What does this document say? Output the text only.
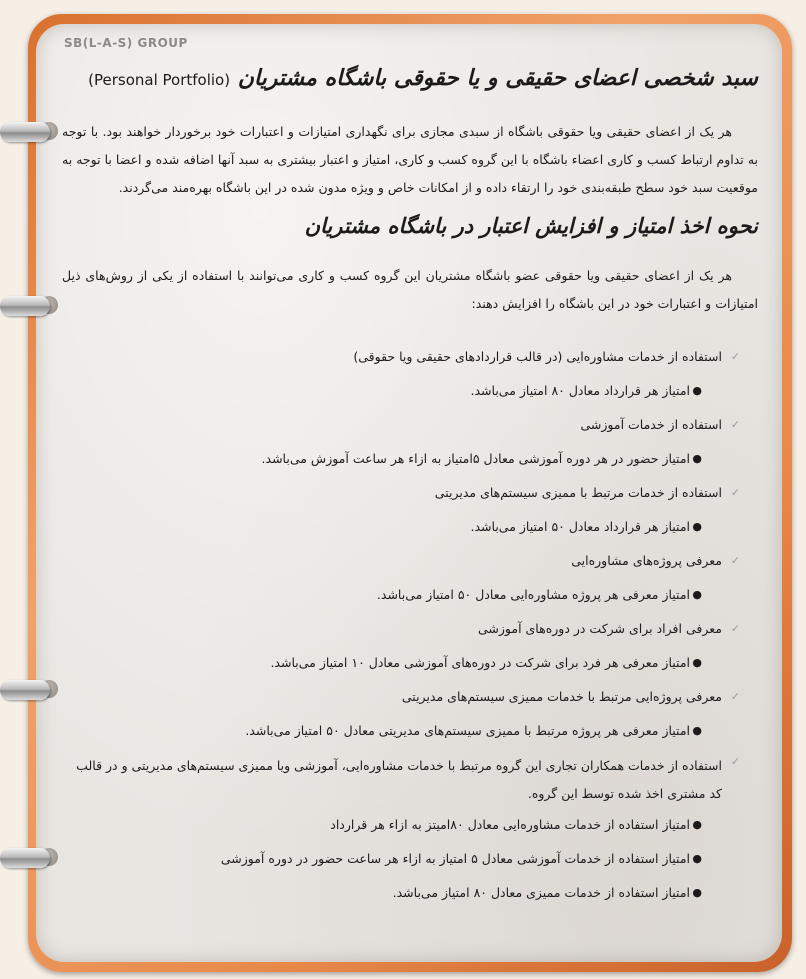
SB(L-A-S) GROUP
سبد شخصی اعضای حقیقی و یا حقوقی باشگاه مشتریان (Personal Portfolio)

هر یک از اعضای حقیقی ویا حقوقی باشگاه از سبدی مجازی برای نگهداری امتیازات و اعتبارات خود برخوردار خواهند بود. با توجه به تداوم ارتباط کسب و کاری اعضاء باشگاه با این گروه کسب و کاری، امتیاز و اعتبار بیشتری به سبد آنها اضافه شده و اعضا با توجه به موقعیت سبد خود سطح طبقه‌بندی خود را ارتقاء داده و از امکانات خاص و ویژه مدون شده در این باشگاه بهره‌مند می‌گردند.

نحوه اخذ امتیاز و افزایش اعتبار در باشگاه مشتریان

هر یک از اعضای حقیقی ویا حقوقی عضو باشگاه مشتریان این گروه کسب و کاری می‌توانند با استفاده از یکی از روش‌های ذیل امتیازات و اعتبارات خود در این باشگاه را افزایش دهند:

✓
استفاده از خدمات مشاوره‌ایی (در قالب قراردادهای حقیقی ویا حقوقی)
●
امتیاز هر قرارداد معادل ۸۰ امتیاز می‌باشد.
✓
استفاده از خدمات آموزشی
●
امتیاز حضور در هر دوره آموزشی معادل ۵امتیاز به ازاء هر ساعت آموزش می‌باشد.
✓
استفاده از خدمات مرتبط با ممیزی سیستم‌های مدیریتی
●
امتیاز هر قرارداد معادل ۵۰ امتیاز می‌باشد.
✓
معرفی پروژه‌های مشاوره‌ایی
●
امتیاز معرفی هر پروژه مشاوره‌ایی معادل ۵۰ امتیاز می‌باشد.
✓
معرفی افراد برای شرکت در دوره‌های آموزشی
●
امتیاز معرفی هر فرد برای شرکت در دوره‌های آموزشی معادل ۱۰ امتیاز می‌باشد.
✓
معرفی پروژه‌ایی مرتبط با خدمات ممیزی سیستم‌های مدیریتی
●
امتیاز معرفی هر پروژه مرتبط با ممیزی سیستم‌های مدیریتی معادل ۵۰ امتیاز می‌باشد.
✓
استفاده از خدمات همکاران تجاری این گروه مرتبط با خدمات مشاوره‌ایی، آموزشی ویا ممیزی سیستم‌های مدیریتی و در قالب کد مشتری اخذ شده توسط این گروه.
●
امتیاز استفاده از خدمات مشاوره‌ایی معادل ۸۰امیتز به ازاء هر قرارداد
●
امتیاز استفاده از خدمات آموزشی معادل ۵ امتیاز به ازاء هر ساعت حضور در دوره آموزشی
●
امتیاز استفاده از خدمات ممیزی معادل ۸۰ امتیاز می‌باشد.
